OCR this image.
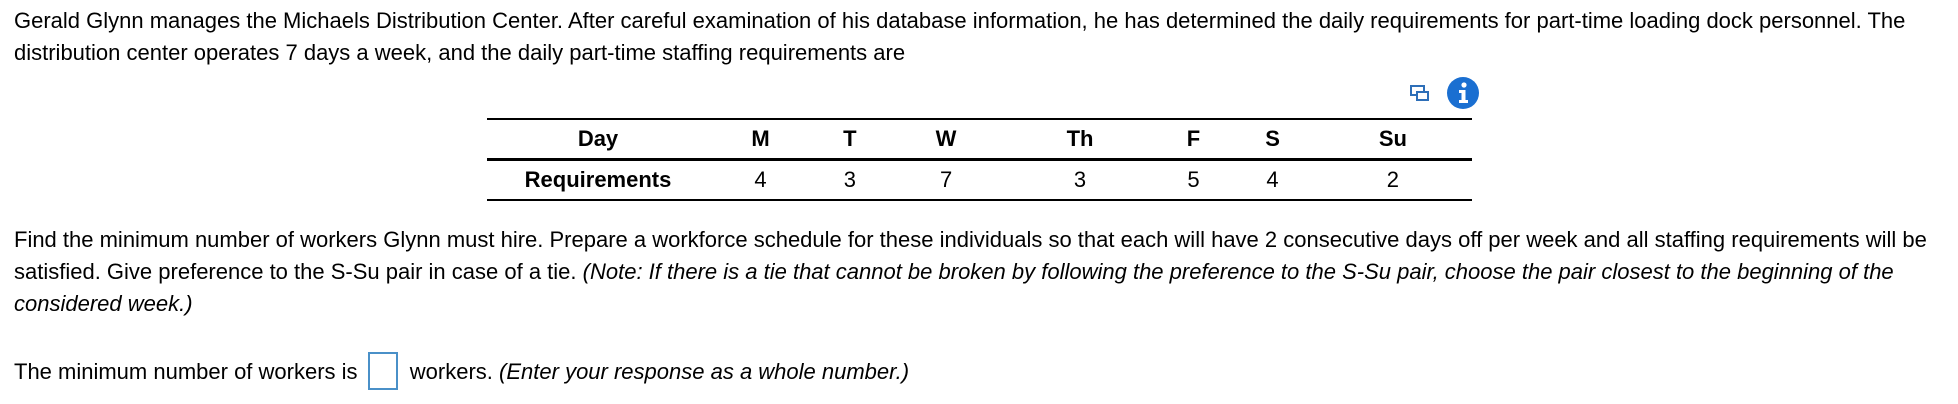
Gerald Glynn manages the Michaels Distribution Center. After careful examination of his database information, he has determined the daily requirements for part-time loading dock personnel. The distribution center operates 7 days a week, and the daily part-time staffing requirements are
Day	M	T	W	Th	F	S	Su
Requirements	4	3	7	3	5	4	2
Find the minimum number of workers Glynn must hire. Prepare a workforce schedule for these individuals so that each will have 2 consecutive days off per week and all staffing requirements will be satisfied. Give preference to the S-Su pair in case of a tie. (Note: If there is a tie that cannot be broken by following the preference to the S-Su pair, choose the pair closest to the beginning of the considered week.)
The minimum number of workers is workers. (Enter your response as a whole number.)
